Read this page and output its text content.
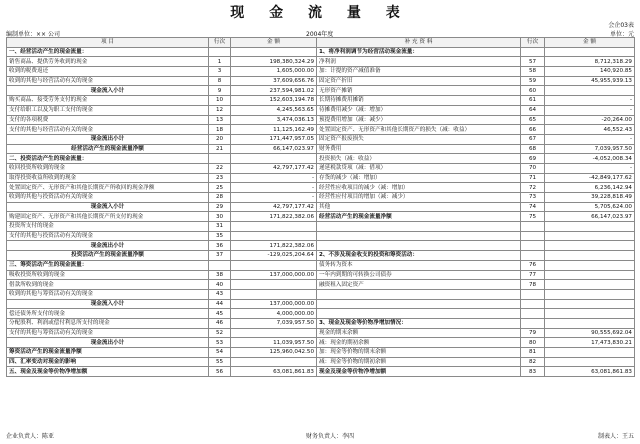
现 金 流 量 表
会企03表
编制单位：×× 公司	2004年度	单位：元
项 目	行次	金 额	补 充 资 料	行次	金 额
一、经营活动产生的现金流量：			1、将净利润调节为经营活动现金流量：		
销售商品、提供劳务收到的现金	1	198,380,324.29	净利润	57	8,712,318.29
收到的税费返还	3	1,605,000.00	加：计提的资产减值准备	58	140,920.85
收到的其他与经营活动有关的现金	8	37,609,656.76	固定资产折旧	59	45,955,939.13
现金流入小计	9	237,594,981.02	无形资产摊销	60	
购买商品、接受劳务支付的现金	10	152,603,194.78	长期待摊费用摊销	61	-
支付给职工以及为职工支付的现金	12	4,245,563.65	待摊费用减少（减：增加）	64	-
支付的各项税费	13	3,474,036.13	预提费用增加（减：减少）	65	-20,264.00
支付的其他与经营活动有关的现金	18	11,125,162.49	处置固定资产、无形资产和其他长期资产的损失（减：收益）	66	46,552.43
现金流出小计	20	171,447,957.05	固定资产报废损失	67	-
经营活动产生的现金流量净额	21	66,147,023.97	财务费用	68	7,039,957.50
二、投资活动产生的现金流量：			投资损失（减：收益）	69	-4,052,008.34
收回投资所收到的现金	22	42,797,177.42	递延税款贷项（减：借项）	70	-
取得投资收益所收到的现金	23	-	存货的减少（减：增加）	71	-42,849,177.62
处置固定资产、无形资产和其他长期资产所收回的现金净额	25	-	经营性应收项目的减少（减：增加）	72	6,236,142.94
收到的其他与投资活动有关的现金	28	-	经营性应付项目的增加（减：减少）	73	39,228,818.49
现金流入小计	29	42,797,177.42	其他	74	5,705,624.00
购建固定资产、无形资产和其他长期资产所支付的现金	30	171,822,382.06	经营活动产生的现金流量净额	75	66,147,023.97
投资所支付的现金	31				
支付的其他与投资活动有关的现金	35				
现金流出小计	36	171,822,382.06			
投资活动产生的现金流量净额	37	-129,025,204.64	2、不涉及现金收支的投资和筹资活动：		
三、筹资活动产生的现金流量：			债务转为资本	76	
吸收投资所收到的现金	38	137,000,000.00	一年内到期的可转换公司债券	77	
借款所收到的现金	40		融资租入固定资产	78	
收到的其他与筹资活动有关的现金	43				
现金流入小计	44	137,000,000.00			
偿还债务所支付的现金	45	4,000,000.00			
分配股利、利润或偿付利息所支付的现金	46	7,039,957.50	3、现金及现金等价物净增加情况：		
支付的其他与筹资活动有关的现金	52		现金的期末余额	79	90,555,692.04
现金流出小计	53	11,039,957.50	减：现金的期初余额	80	17,473,830.21
筹资活动产生的现金流量净额	54	125,960,042.50	加：现金等价物的期末余额	81	
四、汇率变动对现金的影响	55		减：现金等价物的期初余额	82	
五、现金及现金等价物净增加额	56	63,081,861.83	现金及现金等价物净增加额	83	63,081,861.83
企业负责人：陈亚	财务负责人：李四	制表人：王五
